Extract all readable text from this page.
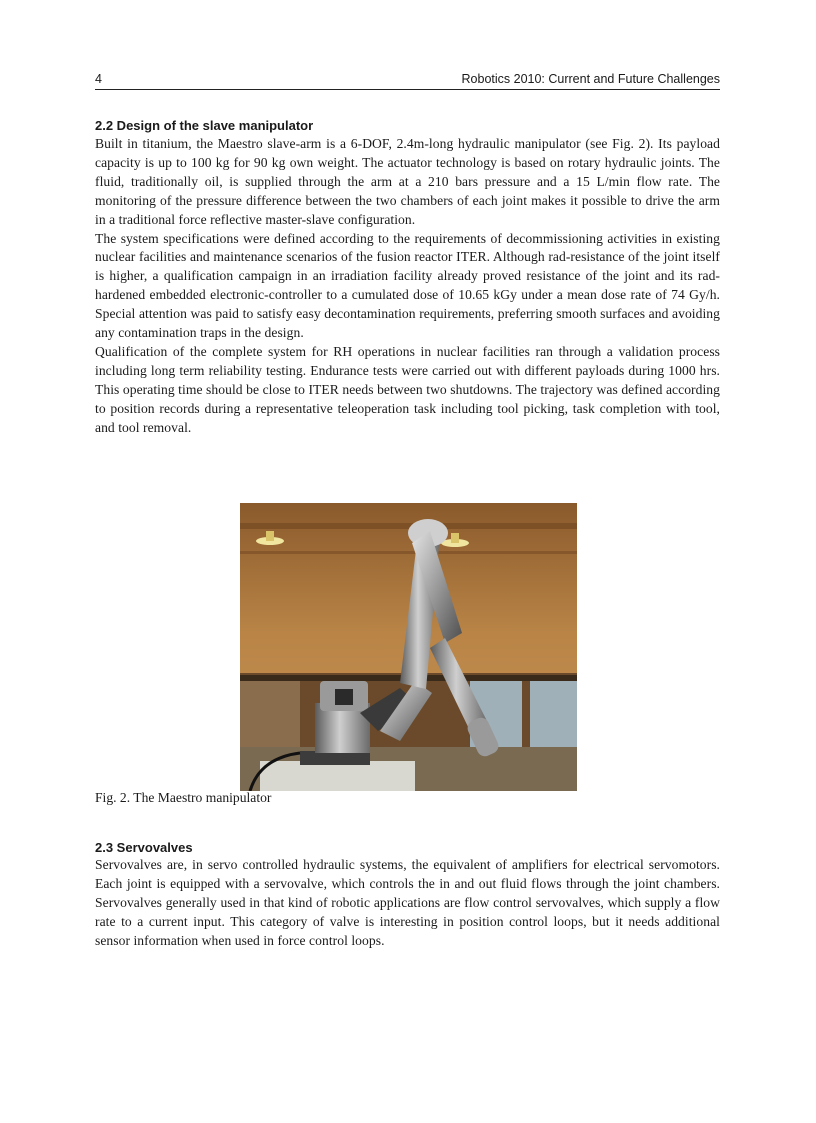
4	Robotics 2010: Current and Future Challenges
2.2 Design of the slave manipulator

Built in titanium, the Maestro slave-arm is a 6-DOF, 2.4m-long hydraulic manipulator (see Fig. 2). Its payload capacity is up to 100 kg for 90 kg own weight. The actuator technology is based on rotary hydraulic joints. The fluid, traditionally oil, is supplied through the arm at a 210 bars pressure and a 15 L/min flow rate. The monitoring of the pressure difference between the two chambers of each joint makes it possible to drive the arm in a traditional force reflective master-slave configuration.

The system specifications were defined according to the requirements of decommissioning activities in existing nuclear facilities and maintenance scenarios of the fusion reactor ITER. Although rad-resistance of the joint itself is higher, a qualification campaign in an irradiation facility already proved resistance of the joint and its rad-hardened embedded electronic-controller to a cumulated dose of 10.65 kGy under a mean dose rate of 74 Gy/h. Special attention was paid to satisfy easy decontamination requirements, preferring smooth surfaces and avoiding any contamination traps in the design.

Qualification of the complete system for RH operations in nuclear facilities ran through a validation process including long term reliability testing. Endurance tests were carried out with different payloads during 1000 hrs. This operating time should be close to ITER needs between two shutdowns. The trajectory was defined according to position records during a representative teleoperation task including tool picking, task completion with tool, and tool removal.

Fig. 2. The Maestro manipulator

2.3 Servovalves

Servovalves are, in servo controlled hydraulic systems, the equivalent of amplifiers for electrical servomotors. Each joint is equipped with a servovalve, which controls the in and out fluid flows through the joint chambers. Servovalves generally used in that kind of robotic applications are flow control servovalves, which supply a flow rate to a current input. This category of valve is interesting in position control loops, but it needs additional sensor information when used in force control loops.
